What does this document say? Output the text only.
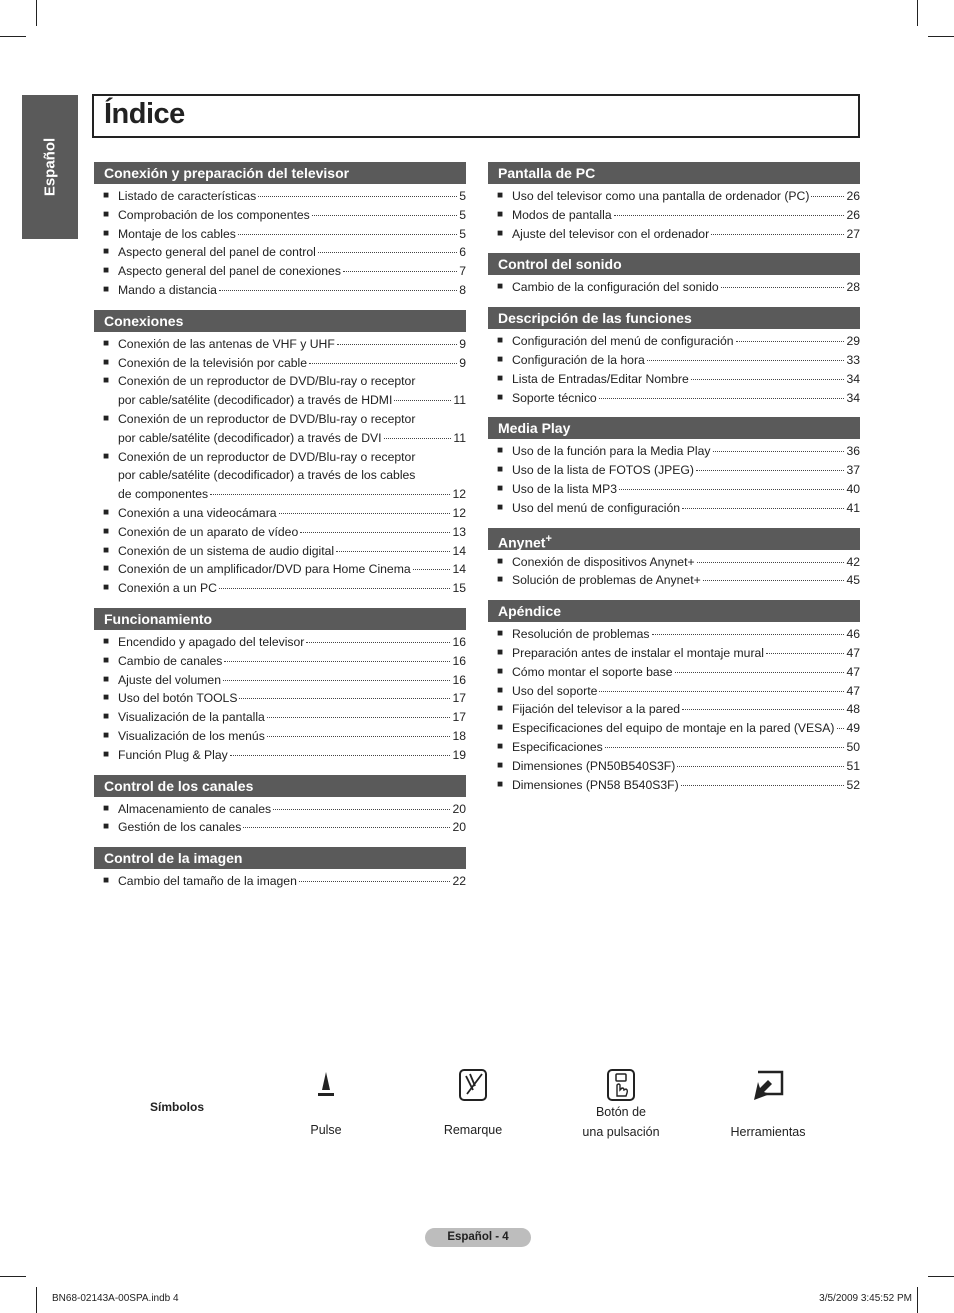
Español
Índice
Conexión y preparación del televisor
■ Listado de características	5
■ Comprobación de los componentes	5
■ Montaje de los cables	5
■ Aspecto general del panel de control	6
■ Aspecto general del panel de conexiones	7
■ Mando a distancia	8
Conexiones
■ Conexión de las antenas de VHF y UHF	9
■ Conexión de la televisión por cable	9
■ Conexión de un reproductor de DVD/Blu-ray o receptor
por cable/satélite (decodificador) a través de HDMI	11
■ Conexión de un reproductor de DVD/Blu-ray o receptor
por cable/satélite (decodificador) a través de DVI	11
■ Conexión de un reproductor de DVD/Blu-ray o receptor
por cable/satélite (decodificador) a través de los cables
de componentes	12
■ Conexión a una videocámara	12
■ Conexión de un aparato de vídeo	13
■ Conexión de un sistema de audio digital	14
■ Conexión de un amplificador/DVD para Home Cinema	14
■ Conexión a un PC	15
Funcionamiento
■ Encendido y apagado del televisor	16
■ Cambio de canales	16
■ Ajuste del volumen	16
■ Uso del botón TOOLS	17
■ Visualización de la pantalla	17
■ Visualización de los menús	18
■ Función Plug & Play	19
Control de los canales
■ Almacenamiento de canales	20
■ Gestión de los canales	20
Control de la imagen
■ Cambio del tamaño de la imagen	22
Pantalla de PC
■ Uso del televisor como una pantalla de ordenador (PC)	26
■ Modos de pantalla	26
■ Ajuste del televisor con el ordenador	27
Control del sonido
■ Cambio de la configuración del sonido	28
Descripción de las funciones
■ Configuración del menú de configuración	29
■ Configuración de la hora	33
■ Lista de Entradas/Editar Nombre	34
■ Soporte técnico	34
Media Play
■ Uso de la función para la Media Play	36
■ Uso de la lista de FOTOS (JPEG)	37
■ Uso de la lista MP3	40
■ Uso del menú de configuración	41
Anynet+
■ Conexión de dispositivos Anynet+	42
■ Solución de problemas de Anynet+	45
Apéndice
■ Resolución de problemas	46
■ Preparación antes de instalar el montaje mural	47
■ Cómo montar el soporte base	47
■ Uso del soporte	47
■ Fijación del televisor a la pared	48
■ Especificaciones del equipo de montaje en la pared (VESA) 49
■ Especificaciones	50
■ Dimensiones (PN50B540S3F)	51
■ Dimensiones (PN58 B540S3F)	52
Símbolos
Pulse	Remarque
Botón de
una pulsación	Herramientas
Español - 4
BN68-02143A-00SPA.indb 4	3/5/2009 3:45:52 PM
